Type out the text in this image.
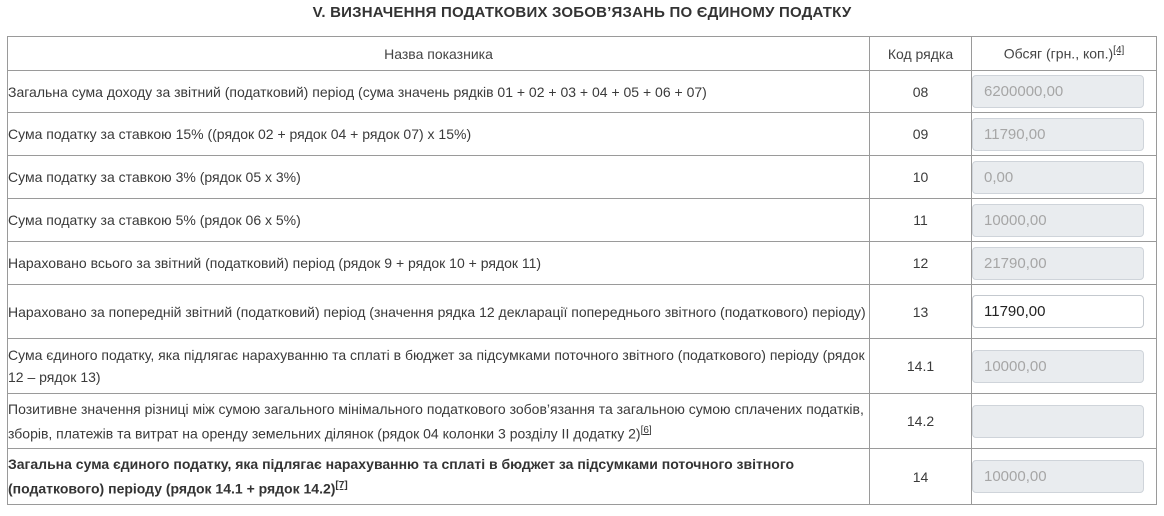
V. ВИЗНАЧЕННЯ ПОДАТКОВИХ ЗОБОВ’ЯЗАНЬ ПО ЄДИНОМУ ПОДАТКУ
Назва показника	Код рядка	Обсяг (грн., коп.)[4]
Загальна сума доходу за звітний (податковий) період (сума значень рядків 01 + 02 + 03 + 04 + 05 + 06 + 07)	08	6200000,00

Сума податку за ставкою 15% ((рядок 02 + рядок 04 + рядок 07) x 15%)	09	11790,00

Сума податку за ставкою 3% (рядок 05 x 3%)	10	0,00

Сума податку за ставкою 5% (рядок 06 x 5%)	11	10000,00

Нараховано всього за звітний (податковий) період (рядок 9 + рядок 10 + рядок 11)	12	21790,00

Нараховано за попередній звітний (податковий) період (значення рядка 12 декларації попереднього звітного (податкового) періоду)	13	11790,00

Сума єдиного податку, яка підлягає нарахуванню та сплаті в бюджет за підсумками поточного звітного (податкового) періоду (рядок 12 – рядок 13)	14.1	10000,00

Позитивне значення різниці між сумою загального мінімального податкового зобов’язання та загальною сумою сплачених податків, зборів, платежів та витрат на оренду земельних ділянок (рядок 04 колонки 3 розділу II додатку 2)[6]	14.2	

Загальна сума єдиного податку, яка підлягає нарахуванню та сплаті в бюджет за підсумками поточного звітного (податкового) періоду (рядок 14.1 + рядок 14.2)[7]	14	10000,00
